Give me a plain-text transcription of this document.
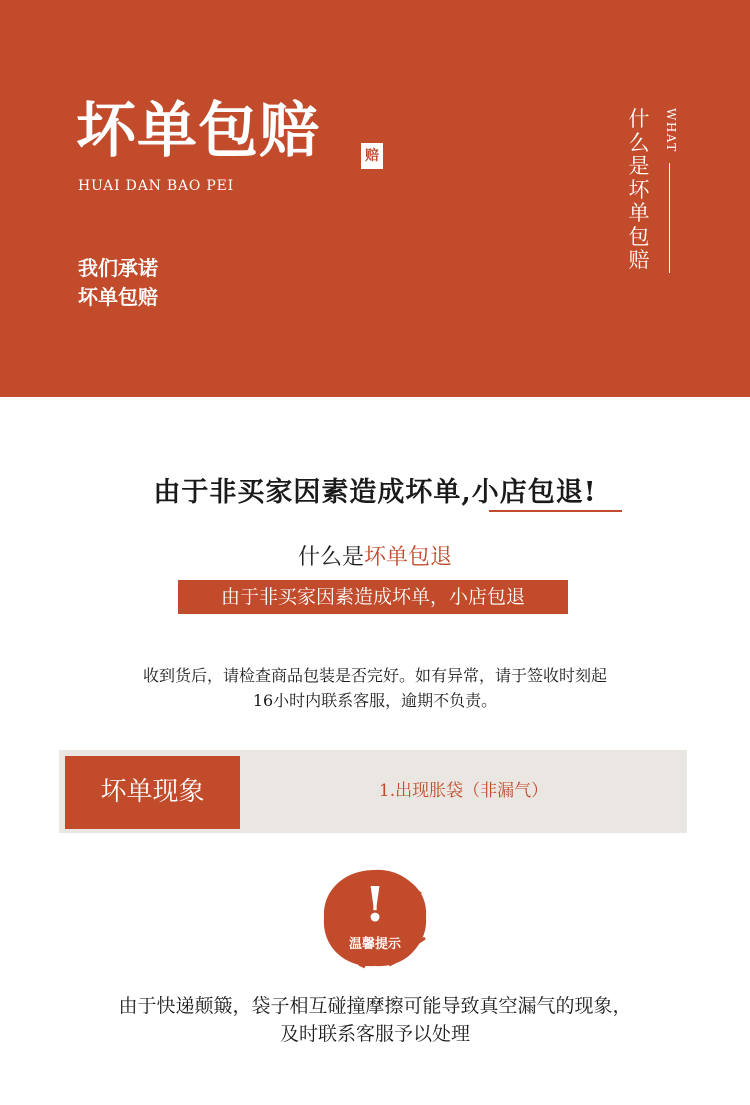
坏单包赔	赔
HUAI DAN BAO PEI
我们承诺
坏单包赔
什么是坏单包赔
WHAT
由于非买家因素造成坏单,小店包退!
什么是坏单包退
由于非买家因素造成坏单，小店包退
收到货后，请检查商品包装是否完好。如有异常，请于签收时刻起
16小时内联系客服，逾期不负责。
坏单现象	1.出现胀袋（非漏气）
!
温馨提示
由于快递颠簸，袋子相互碰撞摩擦可能导致真空漏气的现象，
及时联系客服予以处理
